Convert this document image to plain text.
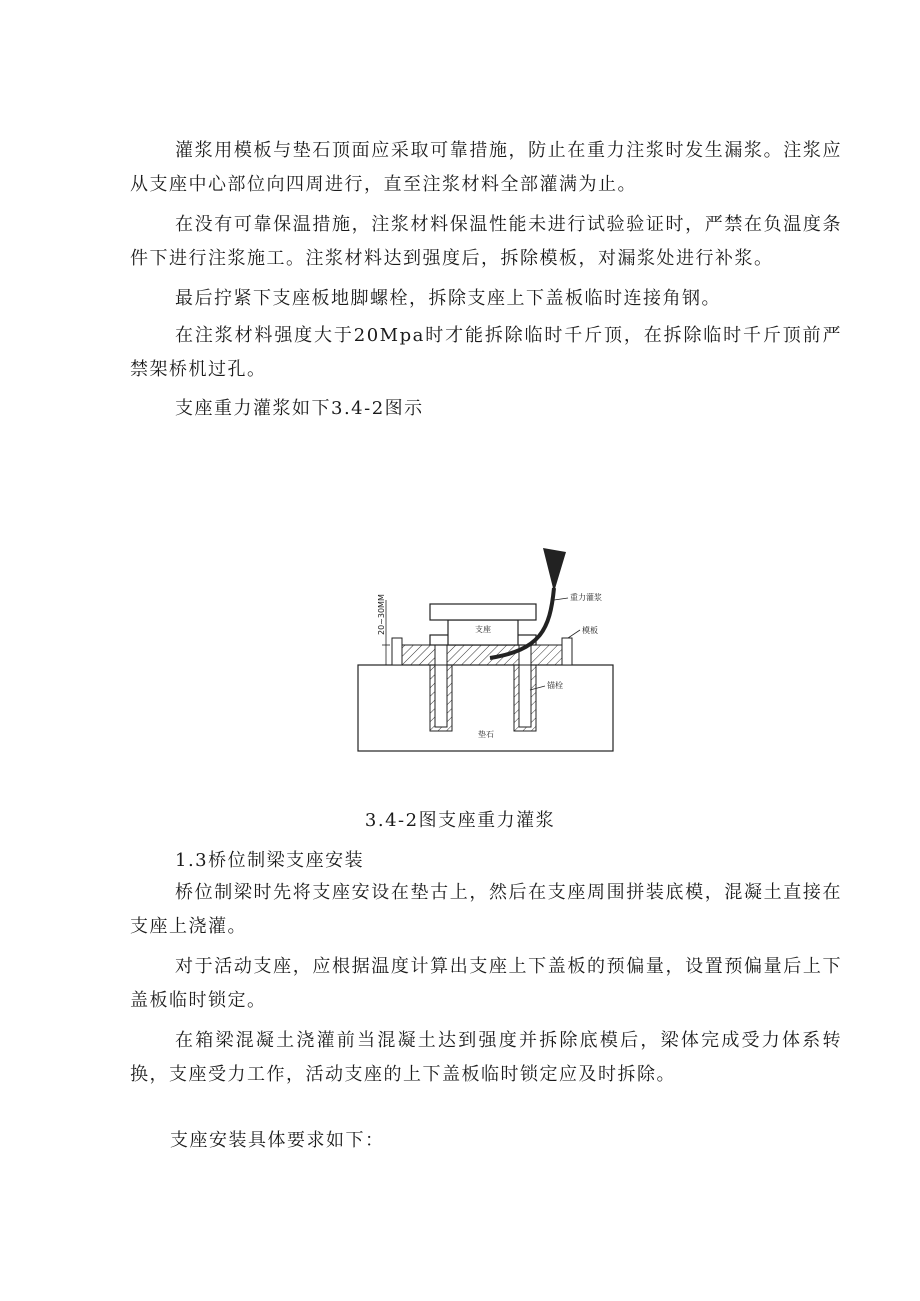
灌浆用模板与垫石顶面应采取可靠措施，防止在重力注浆时发生漏浆。注浆应从支座中心部位向四周进行，直至注浆材料全部灌满为止。

在没有可靠保温措施，注浆材料保温性能未进行试验验证时，严禁在负温度条件下进行注浆施工。注浆材料达到强度后，拆除模板，对漏浆处进行补浆。

最后拧紧下支座板地脚螺栓，拆除支座上下盖板临时连接角钢。

在注浆材料强度大于20Mpa时才能拆除临时千斤顶，在拆除临时千斤顶前严禁架桥机过孔。

支座重力灌浆如下3.4-2图示

垫石
支座	模板
20~30MM	重力灌浆
锚栓

3.4-2图支座重力灌浆

1.3桥位制梁支座安装

桥位制梁时先将支座安设在垫古上，然后在支座周围拼装底模，混凝土直接在支座上浇灌。

对于活动支座，应根据温度计算出支座上下盖板的预偏量，设置预偏量后上下盖板临时锁定。

在箱梁混凝土浇灌前当混凝土达到强度并拆除底模后，梁体完成受力体系转换，支座受力工作，活动支座的上下盖板临时锁定应及时拆除。

支座安装具体要求如下：
